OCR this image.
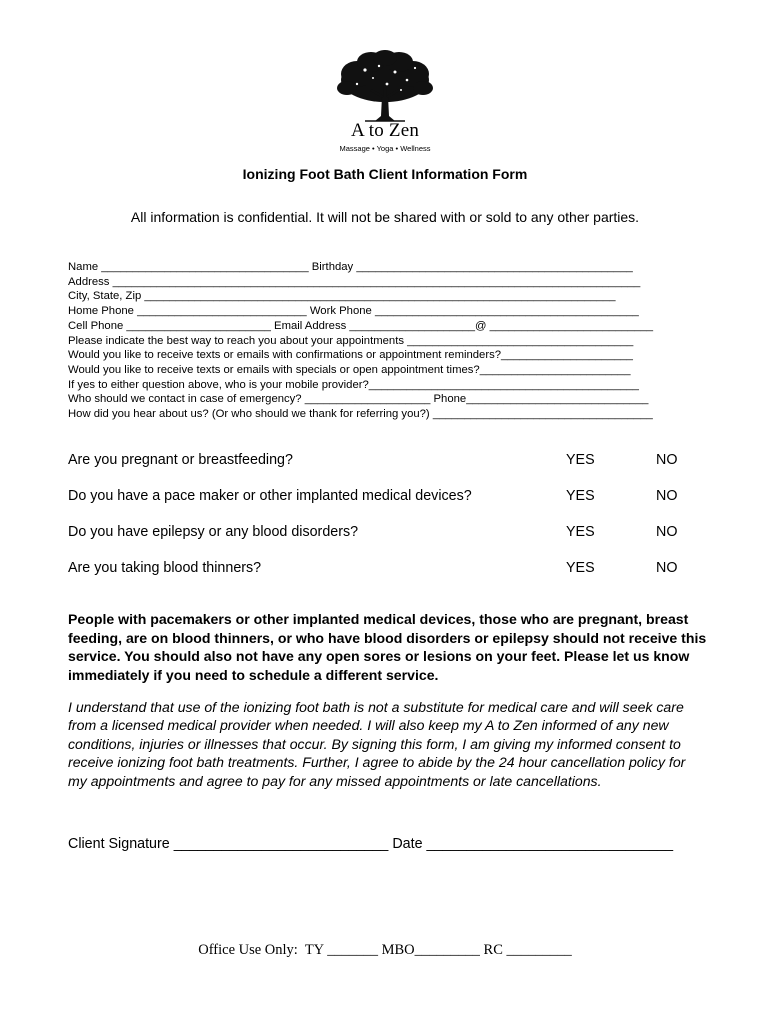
A to Zen
Massage • Yoga • Wellness
Ionizing Foot Bath Client Information Form
All information is confidential. It will not be shared with or sold to any other parties.
Name _________________________________ Birthday ____________________________________________
Address ____________________________________________________________________________________
City, State, Zip ___________________________________________________________________________
Home Phone ___________________________ Work Phone __________________________________________
Cell Phone _______________________ Email Address ____________________@ __________________________
Please indicate the best way to reach you about your appointments ____________________________________
Would you like to receive texts or emails with confirmations or appointment reminders?_____________________
Would you like to receive texts or emails with specials or open appointment times?________________________
If yes to either question above, who is your mobile provider?___________________________________________
Who should we contact in case of emergency? ____________________ Phone_____________________________
How did you hear about us? (Or who should we thank for referring you?) ___________________________________
Are you pregnant or breastfeeding?	YES	NO
Do you have a pace maker or other implanted medical devices?	YES	NO
Do you have epilepsy or any blood disorders?	YES	NO
Are you taking blood thinners?	YES	NO
People with pacemakers or other implanted medical devices, those who are pregnant, breast feeding, are on blood thinners, or who have blood disorders or epilepsy should not receive this service. You should also not have any open sores or lesions on your feet. Please let us know immediately if you need to schedule a different service.
I understand that use of the ionizing foot bath is not a substitute for medical care and will seek care from a licensed medical provider when needed. I will also keep my A to Zen informed of any new conditions, injuries or illnesses that occur. By signing this form, I am giving my informed consent to receive ionizing foot bath treatments. Further, I agree to abide by the 24 hour cancellation policy for my appointments and agree to pay for any missed appointments or late cancellations.
Client Signature ___________________________ Date _______________________________
Office Use Only:  TY _______ MBO_________ RC _________
